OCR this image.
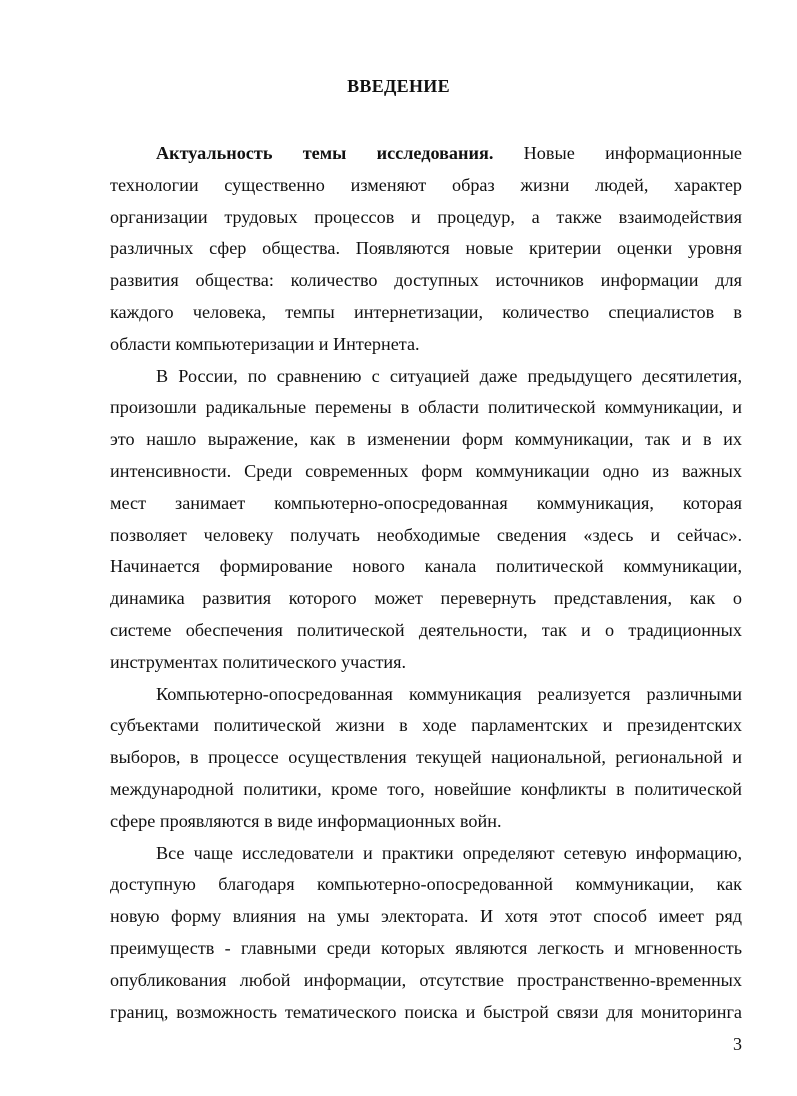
ВВЕДЕНИЕ
Актуальность темы исследования. Новые информационные
технологии существенно изменяют образ жизни людей, характер
организации трудовых процессов и процедур, а также взаимодействия
различных сфер общества. Появляются новые критерии оценки уровня
развития общества: количество доступных источников информации для
каждого человека, темпы интернетизации, количество специалистов в
области компьютеризации и Интернета.
В России, по сравнению с ситуацией даже предыдущего десятилетия,
произошли радикальные перемены в области политической коммуникации, и
это нашло выражение, как в изменении форм коммуникации, так и в их
интенсивности. Среди современных форм коммуникации одно из важных
мест занимает компьютерно-опосредованная коммуникация, которая
позволяет человеку получать необходимые сведения «здесь и сейчас».
Начинается формирование нового канала политической коммуникации,
динамика развития которого может перевернуть представления, как о
системе обеспечения политической деятельности, так и о традиционных
инструментах политического участия.
Компьютерно-опосредованная коммуникация реализуется различными
субъектами политической жизни в ходе парламентских и президентских
выборов, в процессе осуществления текущей национальной, региональной и
международной политики, кроме того, новейшие конфликты в политической
сфере проявляются в виде информационных войн.
Все чаще исследователи и практики определяют сетевую информацию,
доступную благодаря компьютерно-опосредованной коммуникации, как
новую форму влияния на умы электората. И хотя этот способ имеет ряд
преимуществ - главными среди которых являются легкость и мгновенность
опубликования любой информации, отсутствие пространственно-временных
границ, возможность тематического поиска и быстрой связи для мониторинга
3
